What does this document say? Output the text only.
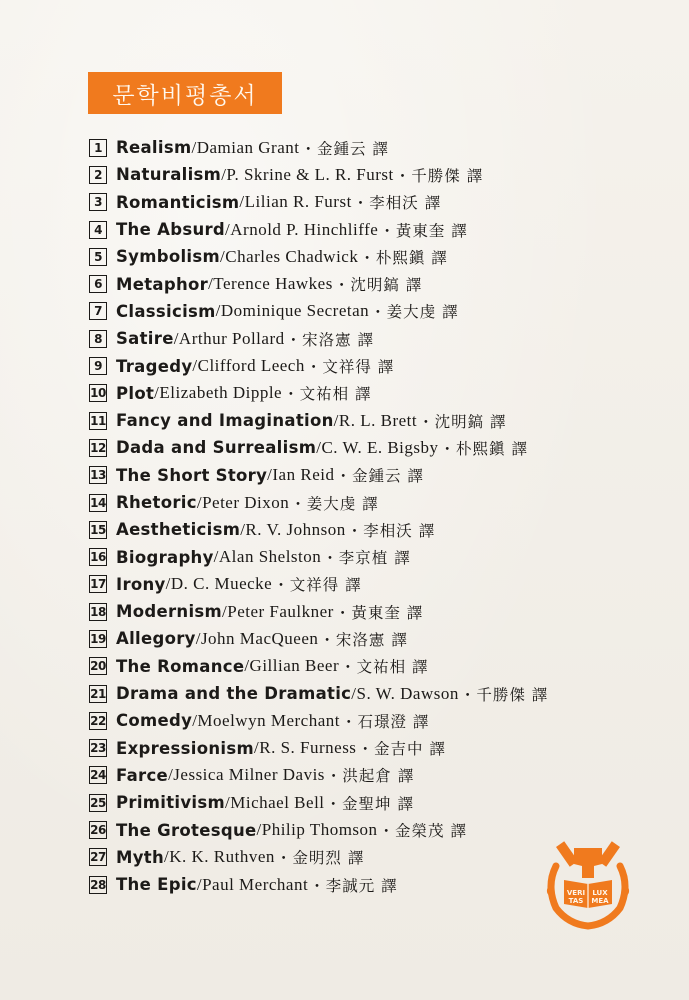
문학비평총서
1 Realism /Damian Grant ・金鍾云 譯
2 Naturalism /P. Skrine & L. R. Furst ・千勝傑 譯
3 Romanticism /Lilian R. Furst ・李相沃 譯
4 The Absurd /Arnold P. Hinchliffe ・黃東奎 譯
5 Symbolism /Charles Chadwick ・朴熙鎭 譯
6 Metaphor /Terence Hawkes ・沈明鎬 譯
7 Classicism /Dominique Secretan ・姜大虔 譯
8 Satire /Arthur Pollard ・宋洛憲 譯
9 Tragedy /Clifford Leech ・文祥得 譯
10 Plot /Elizabeth Dipple ・文祐相 譯
11 Fancy and Imagination /R. L. Brett ・沈明鎬 譯
12 Dada and Surrealism /C. W. E. Bigsby ・朴熙鎭 譯
13 The Short Story /Ian Reid ・金鍾云 譯
14 Rhetoric /Peter Dixon ・姜大虔 譯
15 Aestheticism /R. V. Johnson ・李相沃 譯
16 Biography /Alan Shelston ・李京植 譯
17 Irony /D. C. Muecke ・文祥得 譯
18 Modernism /Peter Faulkner ・黃東奎 譯
19 Allegory /John MacQueen ・宋洛憲 譯
20 The Romance /Gillian Beer ・文祐相 譯
21 Drama and the Dramatic /S. W. Dawson ・千勝傑 譯
22 Comedy /Moelwyn Merchant ・石璟澄 譯
23 Expressionism /R. S. Furness ・金吉中 譯
24 Farce /Jessica Milner Davis ・洪起倉 譯
25 Primitivism /Michael Bell ・金聖坤 譯
26 The Grotesque /Philip Thomson ・金榮茂 譯
27 Myth /K. K. Ruthven ・金明烈 譯
28 The Epic /Paul Merchant ・李誠元 譯	VERI LUX
TAS MEA
